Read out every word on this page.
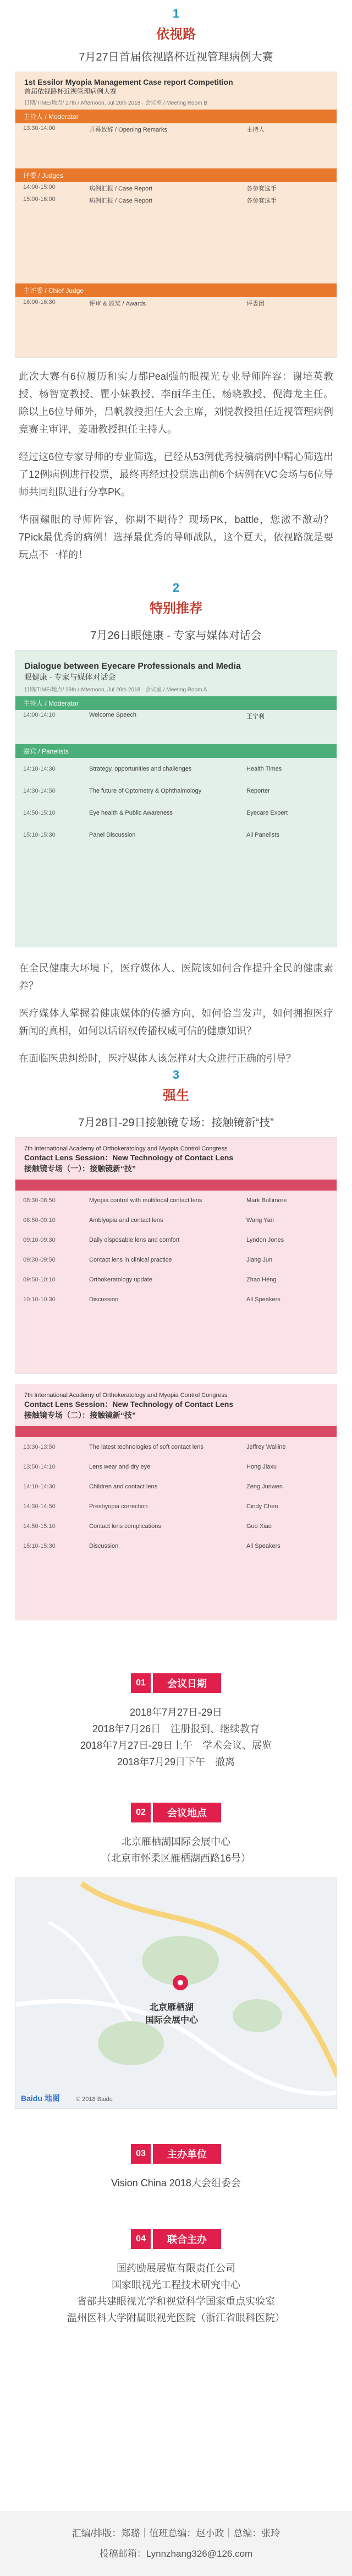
1
依视路
7月27日首届依视路杯近视管理病例大赛
1st Essilor Myopia Management Case report Competition
首届依视路杯近视管理病例大赛
日期/TIME/地点/ 27th / Afternoon, Jul 26th 2018 · 会议室 / Meeting Room B
主持人 / Moderator
13:30-14:00	开幕致辞 / Opening Remarks	主持人
评委 / Judges
14:00-15:00	病例汇报 / Case Report	各参赛选手
15:00-16:00	病例汇报 / Case Report	各参赛选手
主评委 / Chief Judge
16:00-16:30	评审 & 颁奖 / Awards	评委团

此次大赛有6位履历和实力都Peal强的眼视光专业导师阵容：谢培英教授、杨智宽教授、瞿小妹教授、李丽华主任、杨晓教授、倪海龙主任。除以上6位导师外，吕帆教授担任大会主席，刘悦教授担任近视管理病例竞赛主审评，姜珊教授担任主持人。

经过这6位专家导师的专业筛选，已经从53例优秀投稿病例中精心筛选出了12例病例进行投票，最终再经过投票选出前6个病例在VC会场与6位导师共同组队进行分享PK。

华丽耀眼的导师阵容，你期不期待？现场PK，battle，您激不激动？7Pick最优秀的病例！选择最优秀的导师战队，这个夏天，依视路就是要玩点不一样的！

2
特别推荐
7月26日眼健康 - 专家与媒体对话会
Dialogue between Eyecare Professionals and Media
眼健康 - 专家与媒体对话会
日期/TIME/地点/ 26th / Afternoon, Jul 26th 2018 · 会议室 / Meeting Room A
主持人 / Moderator
14:00-14:10	Welcome Speech	王宁利
嘉宾 / Panelists
14:10-14:30	Strategy, opportunities and challenges	Health Times
14:30-14:50	The future of Optometry & Ophthalmology	Reporter
14:50-15:10	Eye health & Public Awareness	Eyecare Expert
15:10-15:30	Panel Discussion	All Panelists

在全民健康大环境下，医疗媒体人、医院该如何合作提升全民的健康素养？

医疗媒体人掌握着健康媒体的传播方向，如何恰当发声，如何拥抱医疗新闻的真相，如何以话语权传播权威可信的健康知识？

在面临医患纠纷时，医疗媒体人该怎样对大众进行正确的引导？

3
强生
7月28日-29日接触镜专场：接触镜新“技”
7th International Academy of Orthokeratology and Myopia Control Congress
Contact Lens Session：New Technology of Contact Lens
接触镜专场（一）：接触镜新“技”

08:30-08:50	Myopia control with multifocal contact lens	Mark Bullimore
08:50-09:10	Amblyopia and contact lens	Wang Yan
09:10-09:30	Daily disposable lens and comfort	Lyndon Jones
09:30-09:50	Contact lens in clinical practice	Jiang Jun
09:50-10:10	Orthokeratology update	Zhao Heng
10:10-10:30	Discussion	All Speakers
7th International Academy of Orthokeratology and Myopia Control Congress
Contact Lens Session：New Technology of Contact Lens
接触镜专场（二）：接触镜新“技”

13:30-13:50	The latest technologies of soft contact lens	Jeffrey Walline
13:50-14:10	Lens wear and dry eye	Hong Jiaxu
14:10-14:30	Children and contact lens	Zeng Junwen
14:30-14:50	Presbyopia correction	Cindy Chen
14:50-15:10	Contact lens complications	Guo Xiao
15:10-15:30	Discussion	All Speakers
01	会议日期
2018年7月27日-29日
2018年7月26日　注册报到、继续教育
2018年7月27日-29日上午　学术会议、展览
2018年7月29日下午　撤离
02	会议地点
北京雁栖湖国际会展中心
（北京市怀柔区雁栖湖西路16号）
北京雁栖湖
国际会展中心
Baidu 地图	© 2018 Baidu
03	主办单位
Vision China 2018大会组委会
04	联合主办
国药励展展览有限责任公司
国家眼视光工程技术研究中心
省部共建眼视光学和视觉科学国家重点实验室
温州医科大学附属眼视光医院（浙江省眼科医院）
汇编/排版：郑璐｜值班总编：赵小政｜总编：张玲
投稿邮箱：Lynnzhang326@126.com
